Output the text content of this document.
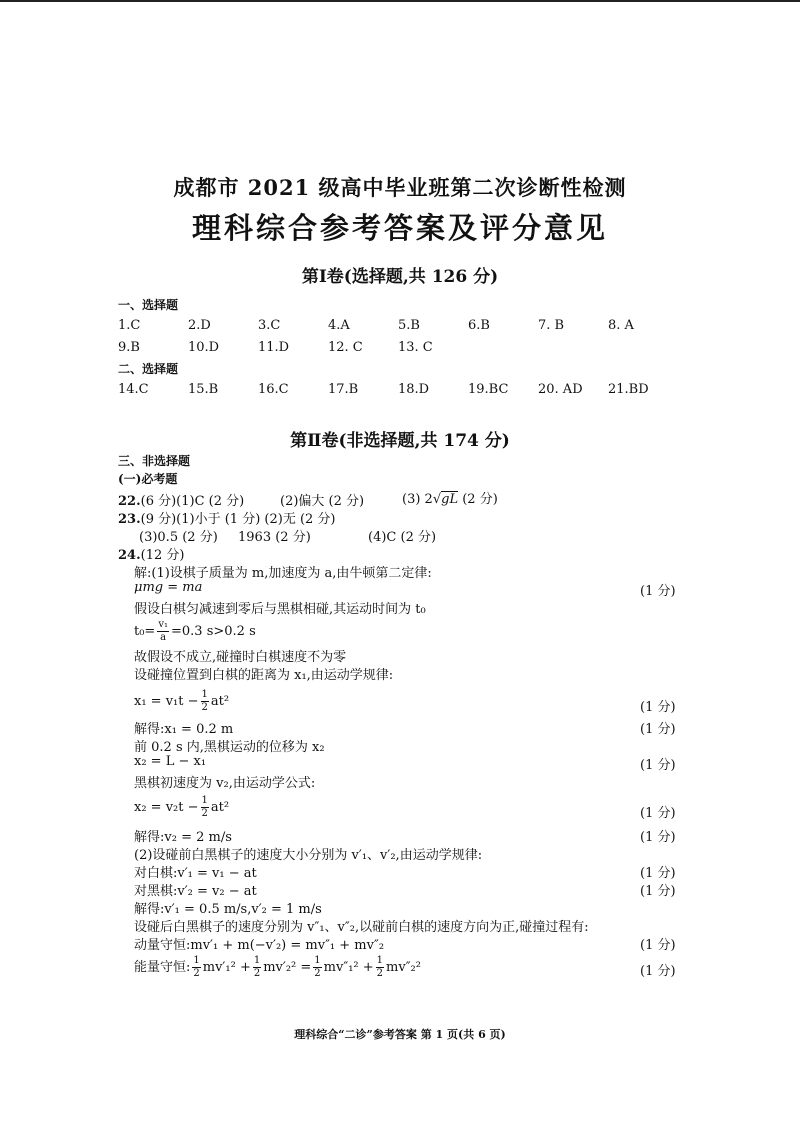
成都市 2021 级高中毕业班第二次诊断性检测
理科综合参考答案及评分意见
第Ⅰ卷(选择题,共 126 分)
一、选择题
1.C	2.D	3.C	4.A	5.B	6.B	7. B	8. A
9.B	10.D	11.D	12. C	13. C
二、选择题
14.C	15.B	16.C	17.B	18.D	19.BC 20. AD 21.BD
第Ⅱ卷(非选择题,共 174 分)
三、非选择题
(一)必考题
22.(6 分)(1)C (2 分)	(2)偏大 (2 分)	(3) 2√gL (2 分)
23.(9 分)(1)小于 (1 分) (2)无 (2 分)
(3)0.5 (2 分) 1963 (2 分)	(4)C (2 分)
24.(12 分)
解:(1)设棋子质量为 m,加速度为 a,由牛顿第二定律:
μmg = ma	(1 分)
假设白棋匀减速到零后与黑棋相碰,其运动时间为 t₀
$t_0= \frac{\text{v₁}}{a} =0.3$ s>0.2 s
故假设不成立,碰撞时白棋速度不为零
设碰撞位置到白棋的距离为 x₁,由运动学规律:
$x_1 = v_1t - \frac{1}{2} at^2$	(1 分)
解得:x₁ = 0.2 m	(1 分)
前 0.2 s 内,黑棋运动的位移为 x₂
x₂ = L − x₁	(1 分)
黑棋初速度为 v₂,由运动学公式:
$x_2 = v_2t - \frac{1}{2} at^2$	(1 分)
解得:v₂ = 2 m/s	(1 分)
(2)设碰前白黑棋子的速度大小分别为 v′₁、v′₂,由运动学规律:
对白棋:v′₁ = v₁ − at	(1 分)
对黑棋:v′₂ = v₂ − at	(1 分)
解得:v′₁ = 0.5 m/s,v′₂ = 1 m/s
设碰后白黑棋子的速度分别为 v″₁、v″₂,以碰前白棋的速度方向为正,碰撞过程有:
动量守恒:mv′₁ + m(−v′₂) = mv″₁ + mv″₂	(1 分)
能量守恒: $\frac{1}{2} mv'_1^2 + \frac{1}{2} mv'_2^2 = \frac{1}{2} mv''_1^2 + \frac{1}{2} mv''_2^2$	(1 分)
理科综合“二诊”参考答案 第 1 页(共 6 页)
